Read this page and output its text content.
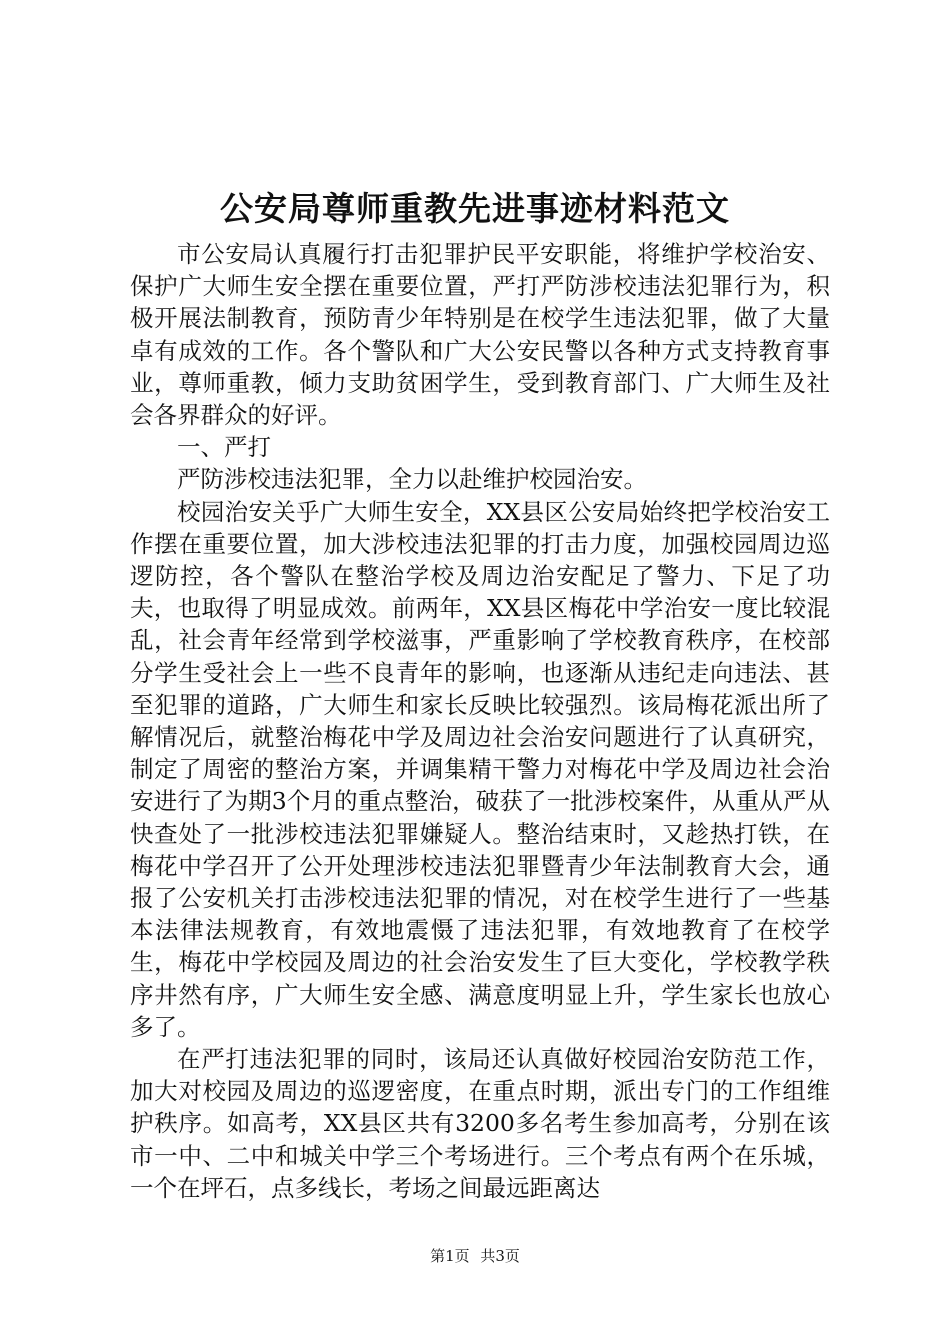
公安局尊师重教先进事迹材料范文

市公安局认真履行打击犯罪护民平安职能，将维护学校治安、保护广大师生安全摆在重要位置，严打严防涉校违法犯罪行为，积极开展法制教育，预防青少年特别是在校学生违法犯罪，做了大量卓有成效的工作。各个警队和广大公安民警以各种方式支持教育事业，尊师重教，倾力支助贫困学生，受到教育部门、广大师生及社会各界群众的好评。

一、严打

严防涉校违法犯罪，全力以赴维护校园治安。

校园治安关乎广大师生安全，XX县区公安局始终把学校治安工作摆在重要位置，加大涉校违法犯罪的打击力度，加强校园周边巡逻防控，各个警队在整治学校及周边治安配足了警力、下足了功夫，也取得了明显成效。前两年，XX县区梅花中学治安一度比较混乱，社会青年经常到学校滋事，严重影响了学校教育秩序，在校部分学生受社会上一些不良青年的影响，也逐渐从违纪走向违法、甚至犯罪的道路，广大师生和家长反映比较强烈。该局梅花派出所了解情况后，就整治梅花中学及周边社会治安问题进行了认真研究，制定了周密的整治方案，并调集精干警力对梅花中学及周边社会治安进行了为期3个月的重点整治，破获了一批涉校案件，从重从严从快查处了一批涉校违法犯罪嫌疑人。整治结束时，又趁热打铁，在梅花中学召开了公开处理涉校违法犯罪暨青少年法制教育大会，通报了公安机关打击涉校违法犯罪的情况，对在校学生进行了一些基本法律法规教育，有效地震慑了违法犯罪，有效地教育了在校学生，梅花中学校园及周边的社会治安发生了巨大变化，学校教学秩序井然有序，广大师生安全感、满意度明显上升，学生家长也放心多了。

在严打违法犯罪的同时，该局还认真做好校园治安防范工作，加大对校园及周边的巡逻密度，在重点时期，派出专门的工作组维护秩序。如高考，XX县区共有3200多名考生参加高考，分别在该市一中、二中和城关中学三个考场进行。三个考点有两个在乐城，一个在坪石，点多线长，考场之间最远距离达

第1页 共3页
